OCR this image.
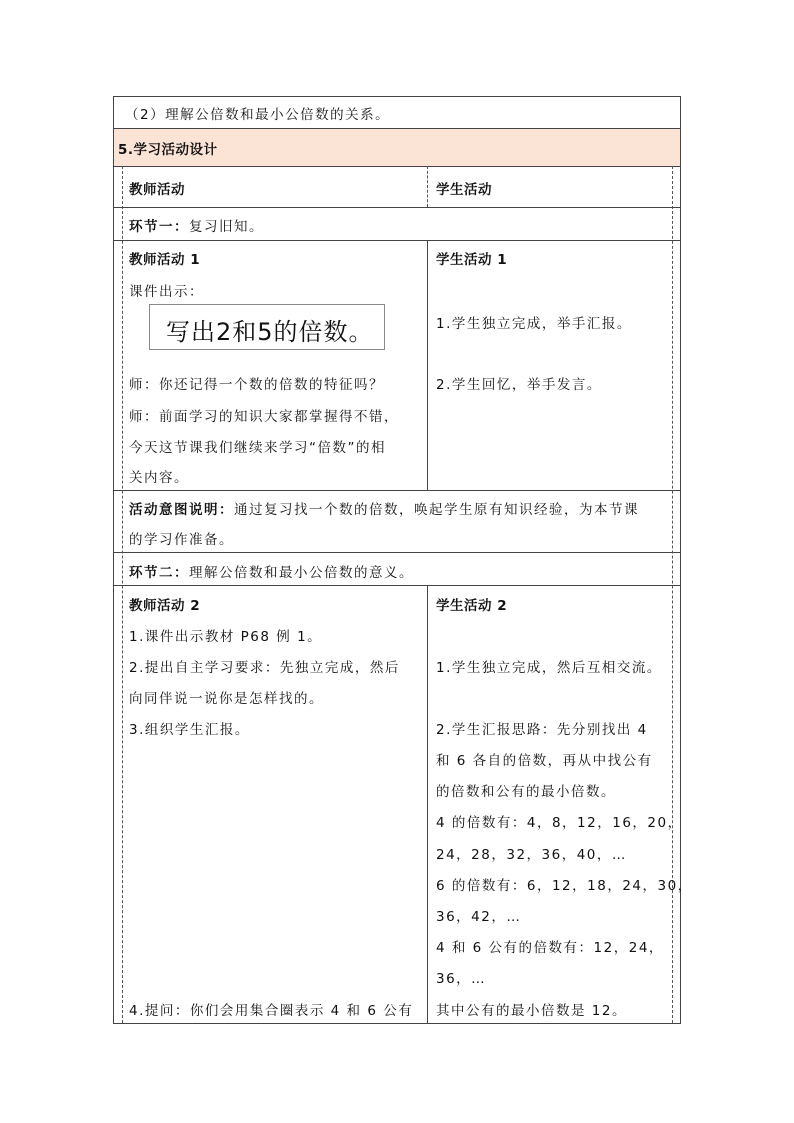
（2）理解公倍数和最小公倍数的关系。
5.学习活动设计
教师活动	学生活动
环节一：复习旧知。
教师活动 1	学生活动 1
课件出示：
写出2和5的倍数。
师：你还记得一个数的倍数的特征吗？
师：前面学习的知识大家都掌握得不错，
今天这节课我们继续来学习“倍数”的相
关内容。
1.学生独立完成，举手汇报。
2.学生回忆，举手发言。
活动意图说明：通过复习找一个数的倍数，唤起学生原有知识经验，为本节课
的学习作准备。
环节二：理解公倍数和最小公倍数的意义。
教师活动 2	学生活动 2
1.课件出示教材 P68 例 1。
2.提出自主学习要求：先独立完成，然后
向同伴说一说你是怎样找的。
3.组织学生汇报。
4.提问：你们会用集合圈表示 4 和 6 公有
1.学生独立完成，然后互相交流。
2.学生汇报思路：先分别找出 4
和 6 各自的倍数，再从中找公有
的倍数和公有的最小倍数。
4 的倍数有：4，8，12，16，20，
24，28，32，36，40，…
6 的倍数有：6，12，18，24，30，
36，42，…
4 和 6 公有的倍数有：12，24，
36，…
其中公有的最小倍数是 12。
